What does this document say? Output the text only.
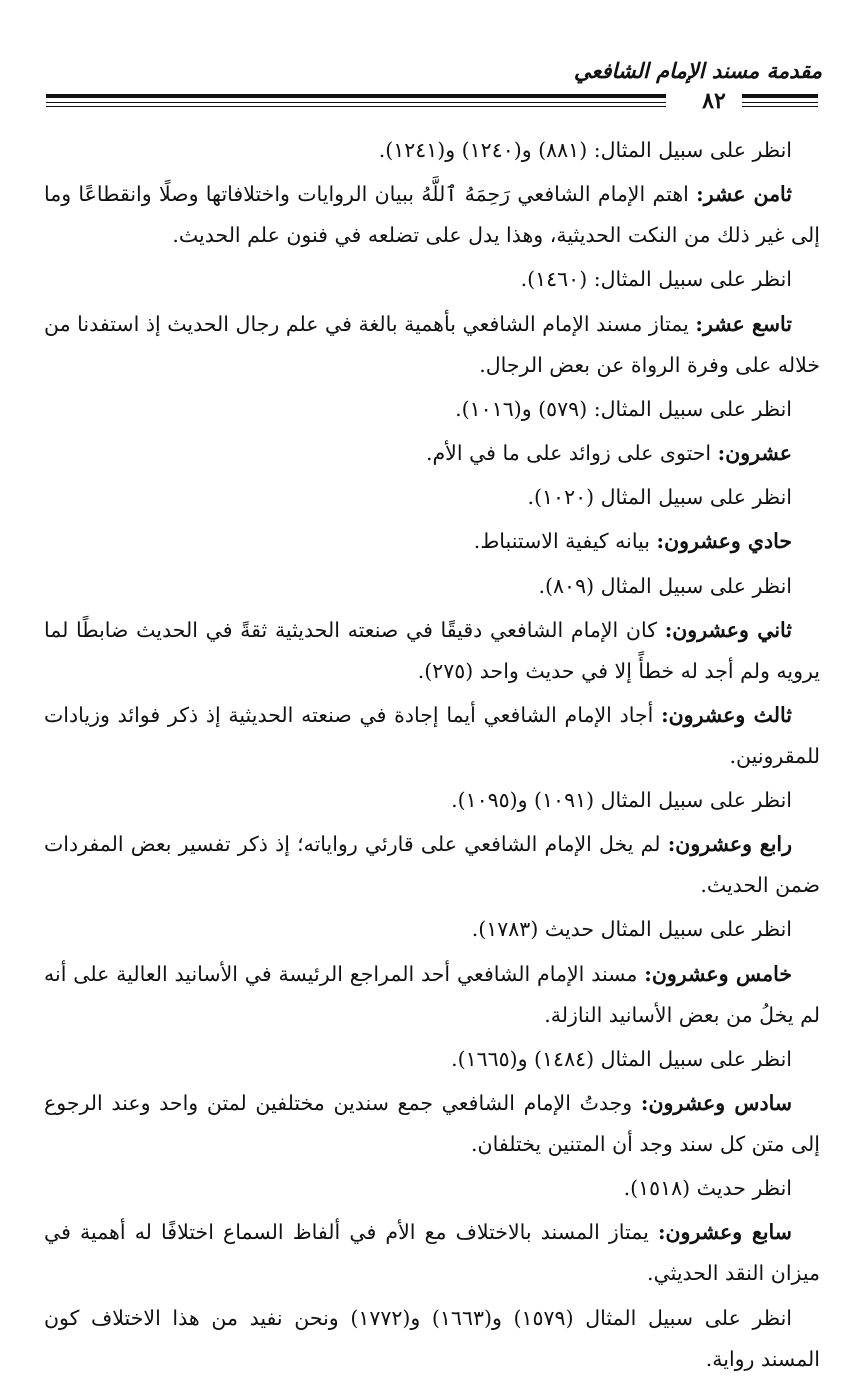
مقدمة مسند الإمام الشافعي
٨٢

انظر على سبيل المثال: (٨٨١) و(١٢٤٠) و(١٢٤١).

ثامن عشر: اهتم الإمام الشافعي رَحِمَهُ ٱللَّهُ ببيان الروايات واختلافاتها وصلًا وانقطاعًا وما إلى غير ذلك من النكت الحديثية، وهذا يدل على تضلعه في فنون علم الحديث.

انظر على سبيل المثال: (١٤٦٠).

تاسع عشر: يمتاز مسند الإمام الشافعي بأهمية بالغة في علم رجال الحديث إذ استفدنا من خلاله على وفرة الرواة عن بعض الرجال.

انظر على سبيل المثال: (٥٧٩) و(١٠١٦).

عشرون: احتوى على زوائد على ما في الأم.

انظر على سبيل المثال (١٠٢٠).

حادي وعشرون: بيانه كيفية الاستنباط.

انظر على سبيل المثال (٨٠٩).

ثاني وعشرون: كان الإمام الشافعي دقيقًا في صنعته الحديثية ثقةً في الحديث ضابطًا لما يرويه ولم أجد له خطأً إلا في حديث واحد (٢٧٥).

ثالث وعشرون: أجاد الإمام الشافعي أيما إجادة في صنعته الحديثية إذ ذكر فوائد وزيادات للمقرونين.

انظر على سبيل المثال (١٠٩١) و(١٠٩٥).

رابع وعشرون: لم يخل الإمام الشافعي على قارئي رواياته؛ إذ ذكر تفسير بعض المفردات ضمن الحديث.

انظر على سبيل المثال حديث (١٧٨٣).

خامس وعشرون: مسند الإمام الشافعي أحد المراجع الرئيسة في الأسانيد العالية على أنه لم يخلُ من بعض الأسانيد النازلة.

انظر على سبيل المثال (١٤٨٤) و(١٦٦٥).

سادس وعشرون: وجدتُ الإمام الشافعي جمع سندين مختلفين لمتن واحد وعند الرجوع إلى متن كل سند وجد أن المتنين يختلفان.

انظر حديث (١٥١٨).

سابع وعشرون: يمتاز المسند بالاختلاف مع الأم في ألفاظ السماع اختلافًا له أهمية في ميزان النقد الحديثي.

انظر على سبيل المثال (١٥٧٩) و(١٦٦٣) و(١٧٧٢) ونحن نفيد من هذا الاختلاف كون المسند رواية.
